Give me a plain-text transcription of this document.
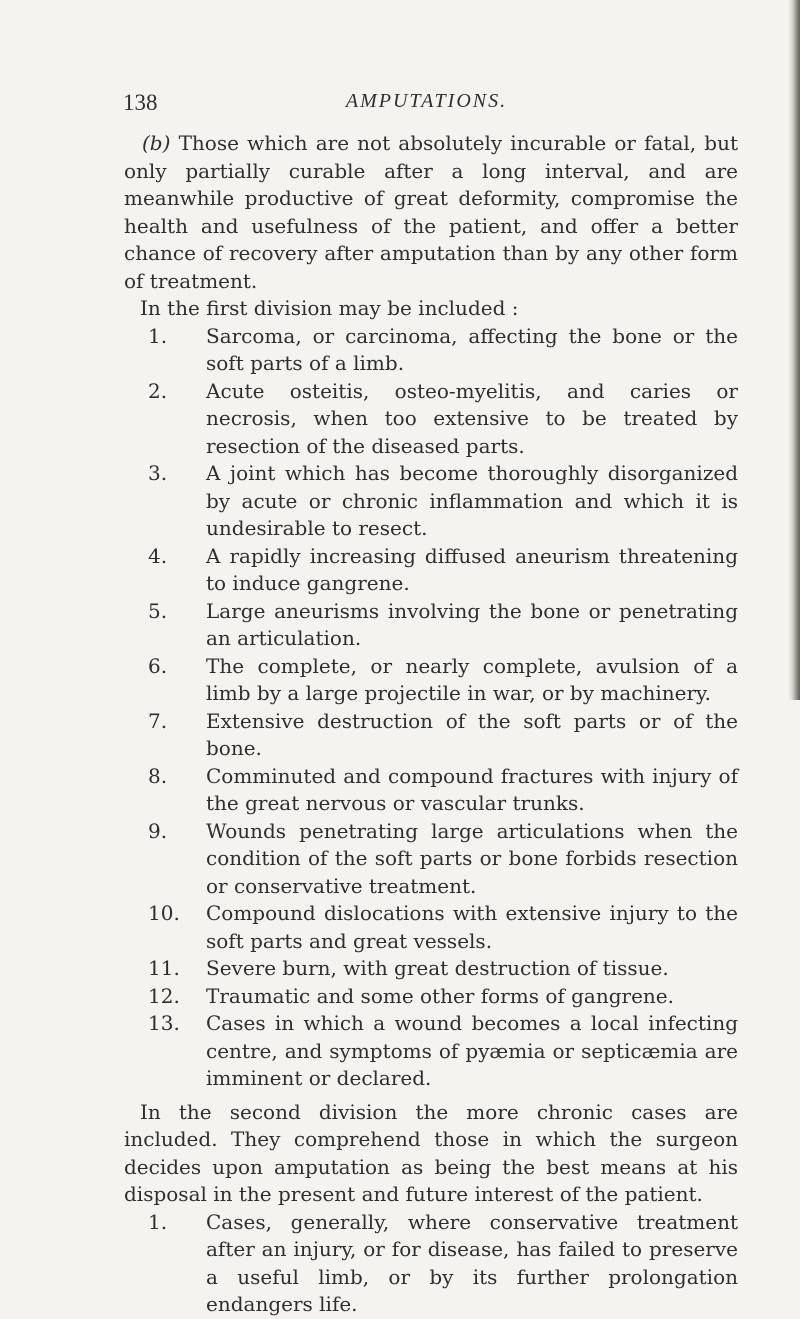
138	AMPUTATIONS.

(b) Those which are not absolutely incurable or fatal, but only partially curable after a long interval, and are meanwhile productive of great deformity, compromise the health and usefulness of the patient, and offer a better chance of recovery after amputation than by any other form of treatment.

In the first division may be included :

1.	Sarcoma, or carcinoma, affecting the bone or the soft parts of a limb.
2.	Acute osteitis, osteo-myelitis, and caries or necrosis, when too extensive to be treated by resection of the diseased parts.
3.	A joint which has become thoroughly disorganized by acute or chronic inflammation and which it is undesirable to resect.
4.	A rapidly increasing diffused aneurism threatening to induce gangrene.
5.	Large aneurisms involving the bone or penetrating an articulation.
6.	The complete, or nearly complete, avulsion of a limb by a large projectile in war, or by machinery.
7.	Extensive destruction of the soft parts or of the bone.
8.	Comminuted and compound fractures with injury of the great nervous or vascular trunks.
9.	Wounds penetrating large articulations when the condition of the soft parts or bone forbids resection or conservative treatment.
10.	Compound dislocations with extensive injury to the soft parts and great vessels.
11.	Severe burn, with great destruction of tissue.
12.	Traumatic and some other forms of gangrene.
13.	Cases in which a wound becomes a local infecting centre, and symptoms of pyæmia or septicæmia are imminent or declared.

In the second division the more chronic cases are included. They comprehend those in which the surgeon decides upon amputation as being the best means at his disposal in the present and future interest of the patient.

1.	Cases, generally, where conservative treatment after an injury, or for disease, has failed to preserve a useful limb, or by its further prolongation endangers life.
